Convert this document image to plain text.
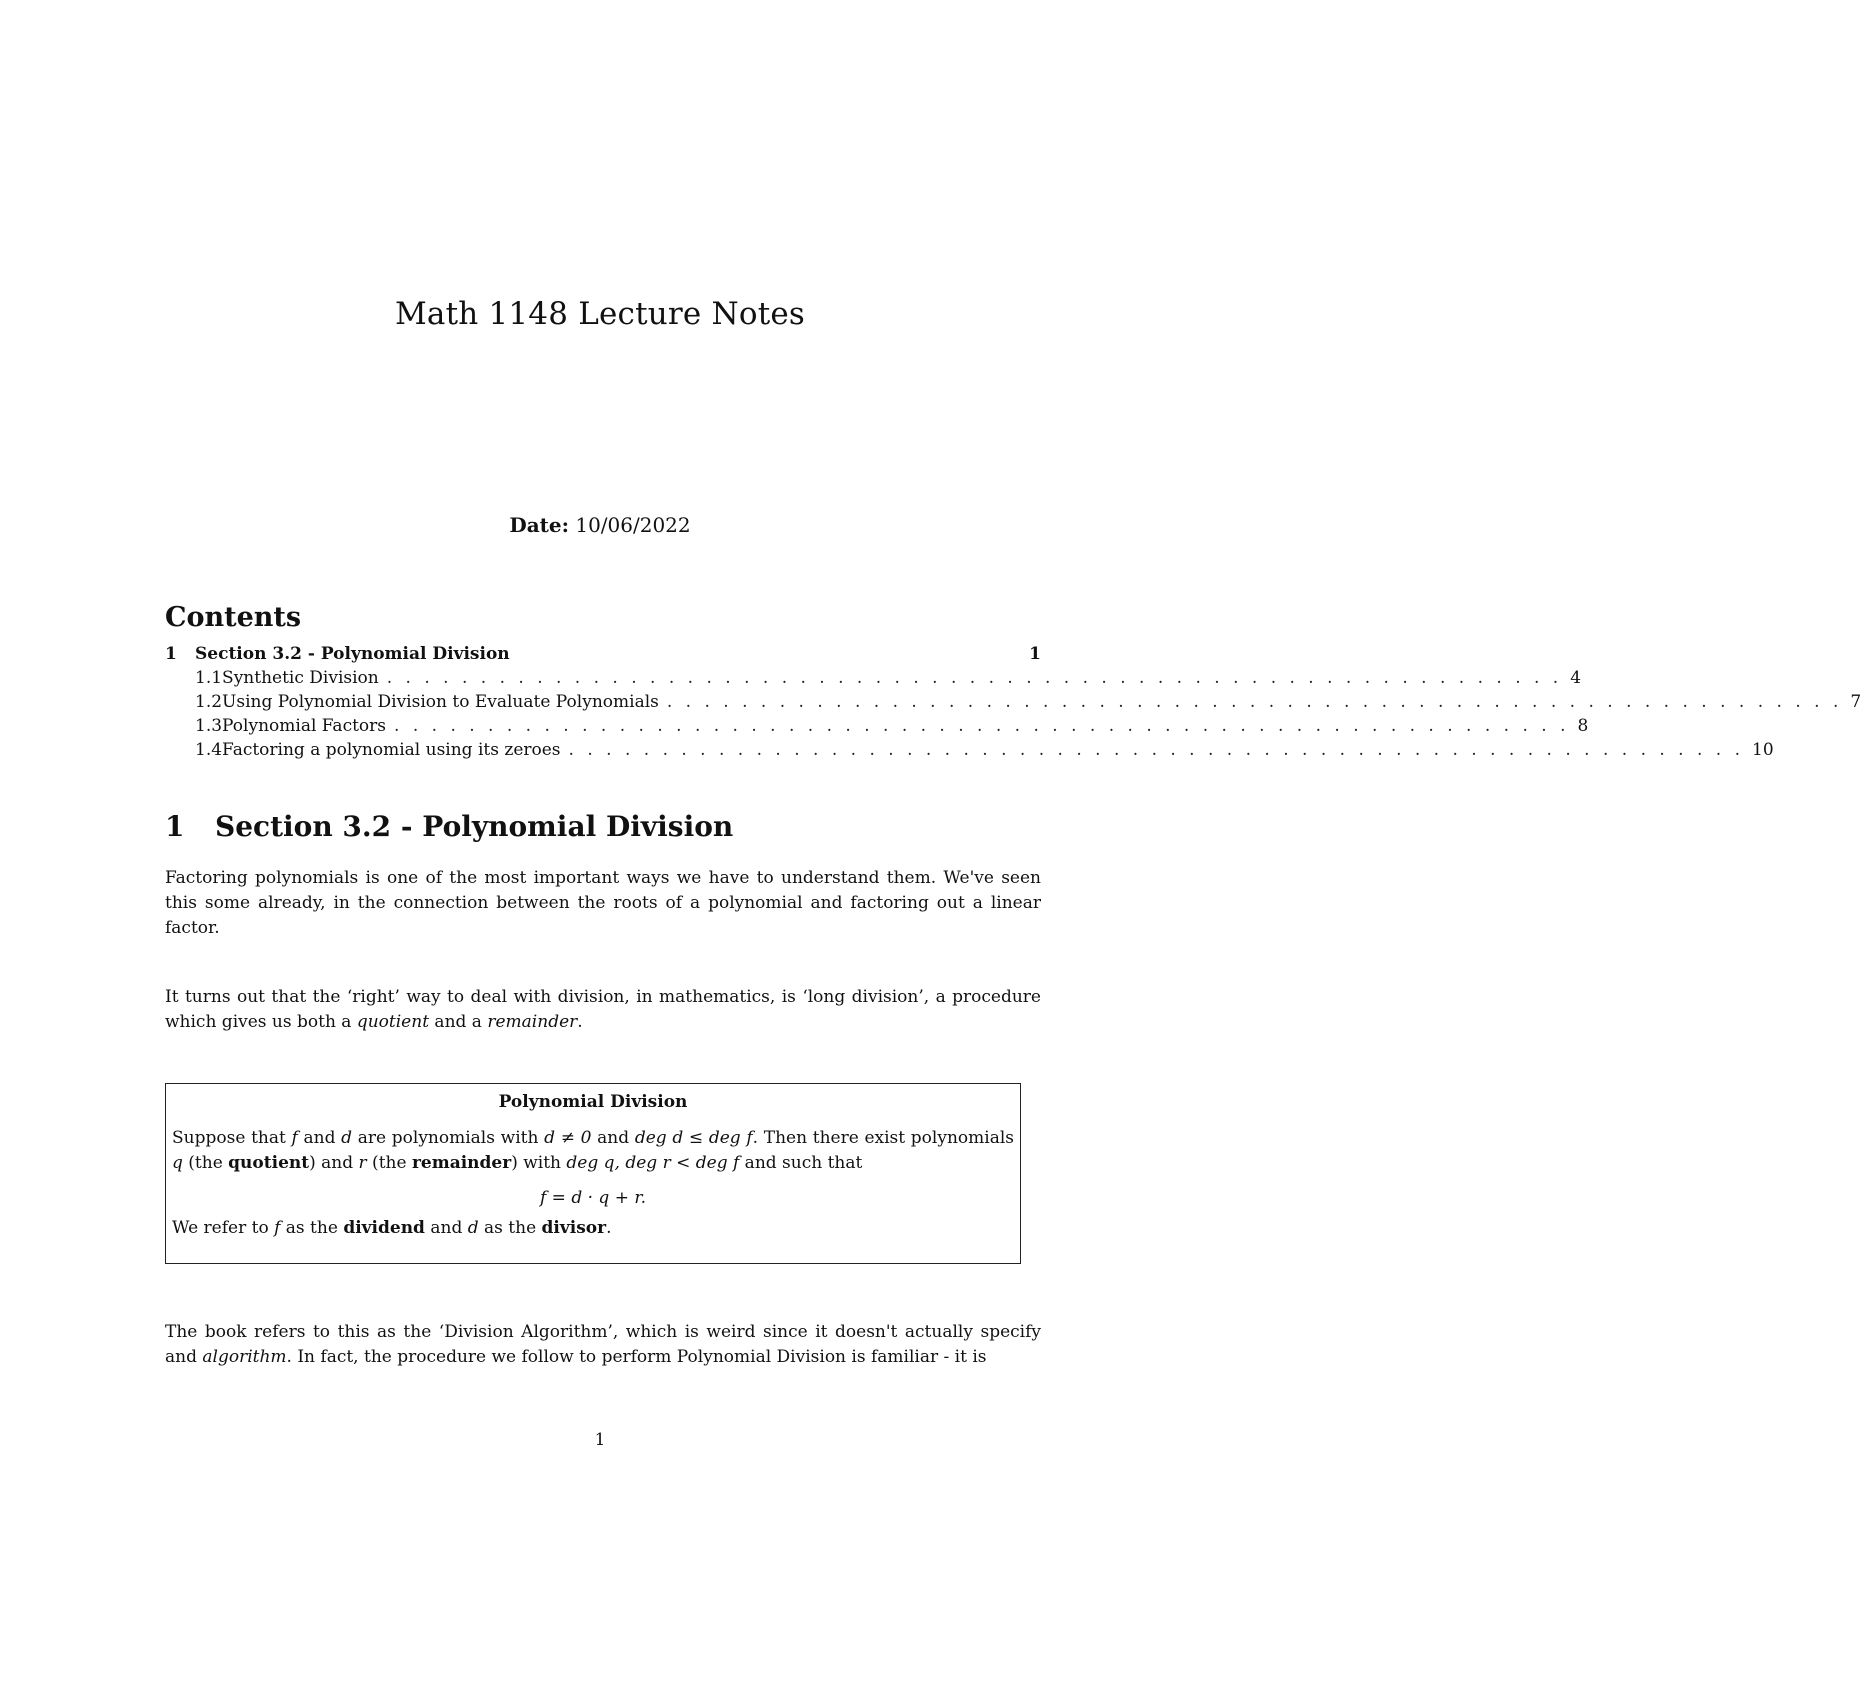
Math 1148 Lecture Notes
Date: 10/06/2022
Contents
1	Section 3.2 - Polynomial Division	1
1.1 Synthetic Division . . . . . . . . . . . . . . . . . . . . . . . . . . . . . . . . . . . . . . . . . . . . . . . . . . . . . . . . . . . . . . . 4
1.2 Using Polynomial Division to Evaluate Polynomials . . . . . . . . . . . . . . . . . . . . . . . . . . . . . . . . . . . . . . . . . . . . . . . . . . . . . . . . . . . . . . . 7
1.3 Polynomial Factors . . . . . . . . . . . . . . . . . . . . . . . . . . . . . . . . . . . . . . . . . . . . . . . . . . . . . . . . . . . . . . . 8
1.4 Factoring a polynomial using its zeroes . . . . . . . . . . . . . . . . . . . . . . . . . . . . . . . . . . . . . . . . . . . . . . . . . . . . . . . . . . . . . . . 10
1 Section 3.2 - Polynomial Division

Factoring polynomials is one of the most important ways we have to understand them. We've seen this some already, in the connection between the roots of a polynomial and factoring out a linear factor.

It turns out that the ‘right’ way to deal with division, in mathematics, is ‘long division’, a procedure which gives us both a quotient and a remainder.

Polynomial Division
Suppose that f and d are polynomials with d ≠ 0 and deg d ≤ deg f. Then there exist polynomials q (the quotient) and r (the remainder) with deg q, deg r < deg f and such that
f = d · q + r.
We refer to f as the dividend and d as the divisor.

The book refers to this as the ‘Division Algorithm’, which is weird since it doesn't actually specify and algorithm. In fact, the procedure we follow to perform Polynomial Division is familiar - it is

1
